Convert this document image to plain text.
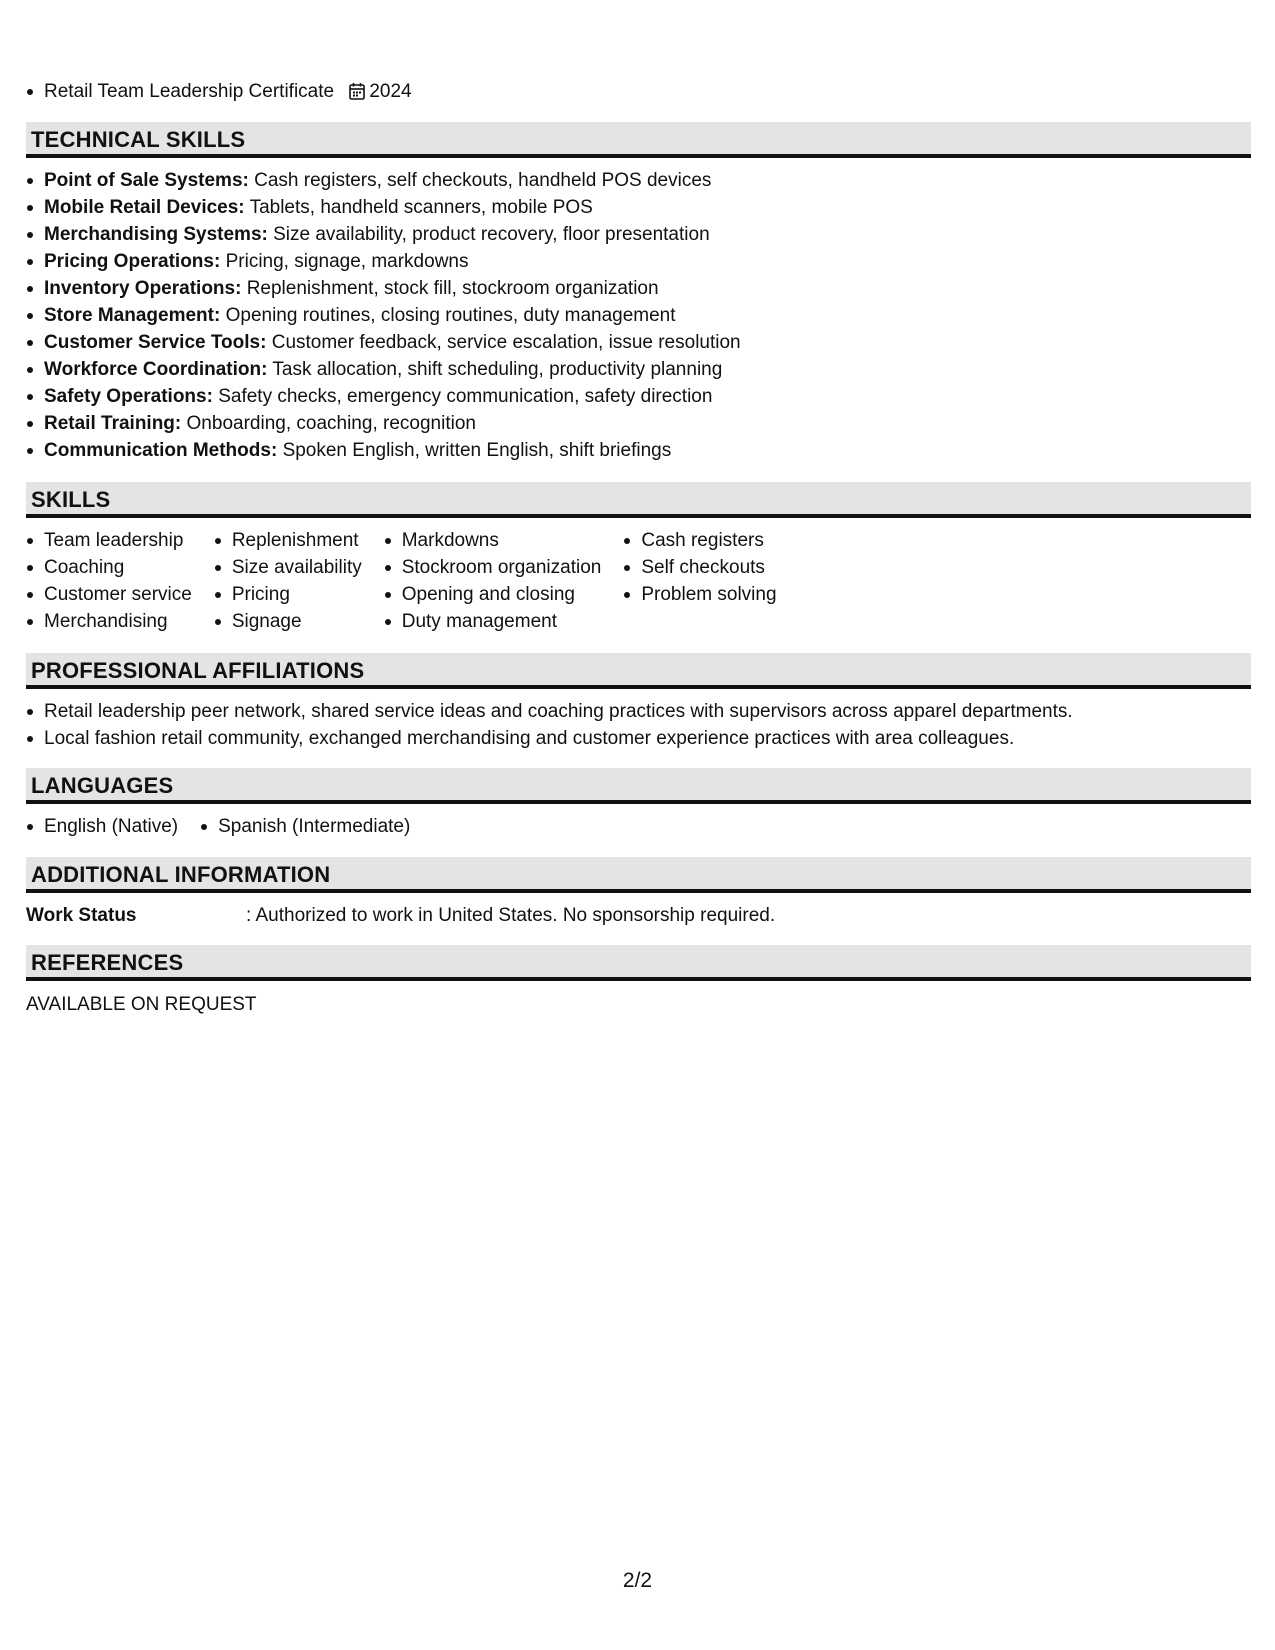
Retail Team Leadership Certificate 2024
TECHNICAL SKILLS
Point of Sale Systems: Cash registers, self checkouts, handheld POS devices
Mobile Retail Devices: Tablets, handheld scanners, mobile POS
Merchandising Systems: Size availability, product recovery, floor presentation
Pricing Operations: Pricing, signage, markdowns
Inventory Operations: Replenishment, stock fill, stockroom organization
Store Management: Opening routines, closing routines, duty management
Customer Service Tools: Customer feedback, service escalation, issue resolution
Workforce Coordination: Task allocation, shift scheduling, productivity planning
Safety Operations: Safety checks, emergency communication, safety direction
Retail Training: Onboarding, coaching, recognition
Communication Methods: Spoken English, written English, shift briefings
SKILLS
Team leadership
Coaching
Customer service
Merchandising
Replenishment
Size availability
Pricing
Signage
Markdowns
Stockroom organization
Opening and closing
Duty management
Cash registers
Self checkouts
Problem solving
PROFESSIONAL AFFILIATIONS
Retail leadership peer network, shared service ideas and coaching practices with supervisors across apparel departments.
Local fashion retail community, exchanged merchandising and customer experience practices with area colleagues.
LANGUAGES
English (Native)	Spanish (Intermediate)
ADDITIONAL INFORMATION
Work Status	: Authorized to work in United States. No sponsorship required.
REFERENCES
AVAILABLE ON REQUEST
2/2
